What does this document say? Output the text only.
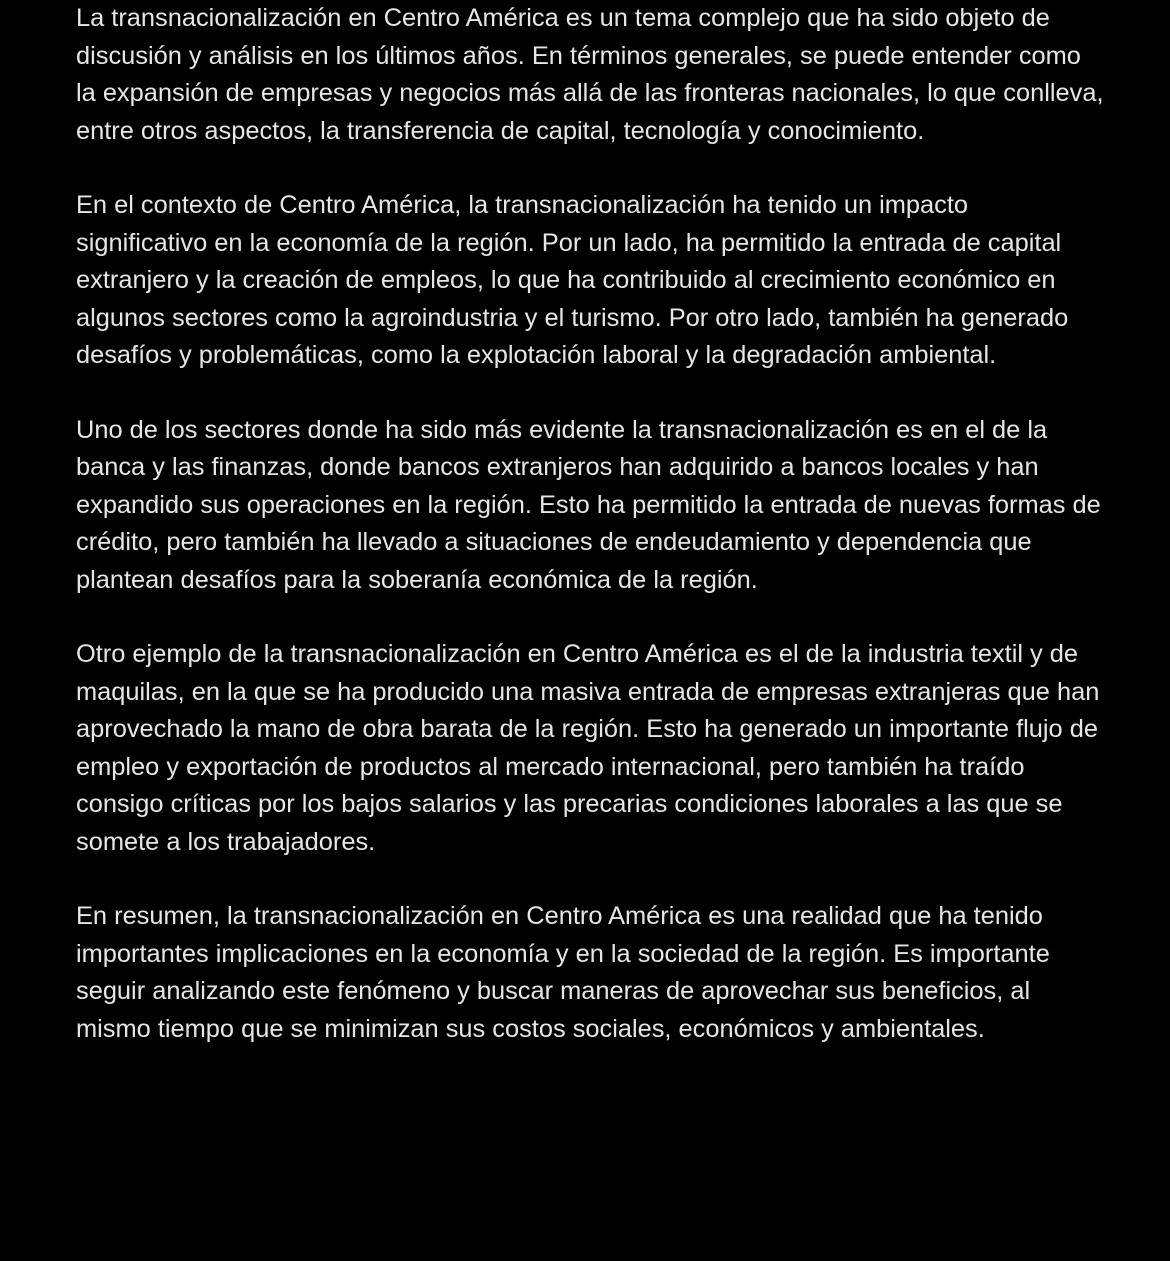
La transnacionalización en Centro América es un tema complejo que ha sido objeto de discusión y análisis en los últimos años. En términos generales, se puede entender como la expansión de empresas y negocios más allá de las fronteras nacionales, lo que conlleva, entre otros aspectos, la transferencia de capital, tecnología y conocimiento.

En el contexto de Centro América, la transnacionalización ha tenido un impacto significativo en la economía de la región. Por un lado, ha permitido la entrada de capital extranjero y la creación de empleos, lo que ha contribuido al crecimiento económico en algunos sectores como la agroindustria y el turismo. Por otro lado, también ha generado desafíos y problemáticas, como la explotación laboral y la degradación ambiental.

Uno de los sectores donde ha sido más evidente la transnacionalización es en el de la banca y las finanzas, donde bancos extranjeros han adquirido a bancos locales y han expandido sus operaciones en la región. Esto ha permitido la entrada de nuevas formas de crédito, pero también ha llevado a situaciones de endeudamiento y dependencia que plantean desafíos para la soberanía económica de la región.

Otro ejemplo de la transnacionalización en Centro América es el de la industria textil y de maquilas, en la que se ha producido una masiva entrada de empresas extranjeras que han aprovechado la mano de obra barata de la región. Esto ha generado un importante flujo de empleo y exportación de productos al mercado internacional, pero también ha traído consigo críticas por los bajos salarios y las precarias condiciones laborales a las que se somete a los trabajadores.

En resumen, la transnacionalización en Centro América es una realidad que ha tenido importantes implicaciones en la economía y en la sociedad de la región. Es importante seguir analizando este fenómeno y buscar maneras de aprovechar sus beneficios, al mismo tiempo que se minimizan sus costos sociales, económicos y ambientales.
